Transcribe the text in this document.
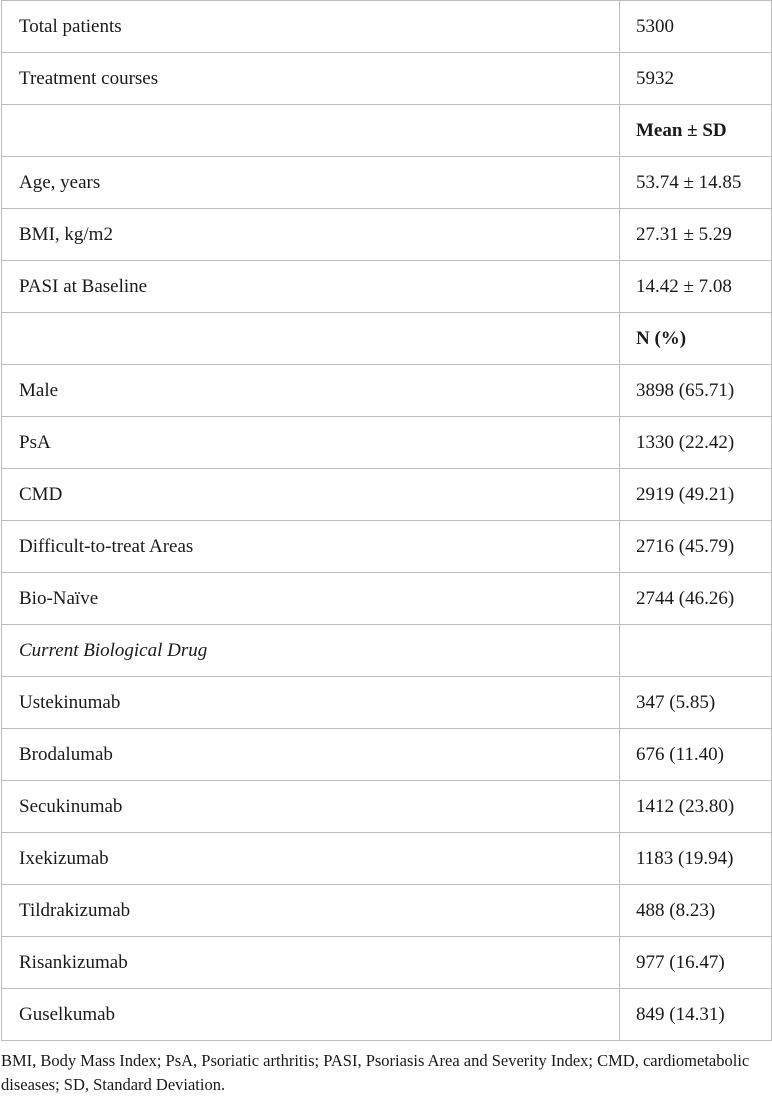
Total patients	5300
Treatment courses	5932
	Mean ± SD
Age, years	53.74 ± 14.85
BMI, kg/m2	27.31 ± 5.29
PASI at Baseline	14.42 ± 7.08
	N (%)
Male	3898 (65.71)
PsA	1330 (22.42)
CMD	2919 (49.21)
Difficult-to-treat Areas	2716 (45.79)
Bio-Naïve	2744 (46.26)
Current Biological Drug	
Ustekinumab	347 (5.85)
Brodalumab	676 (11.40)
Secukinumab	1412 (23.80)
Ixekizumab	1183 (19.94)
Tildrakizumab	488 (8.23)
Risankizumab	977 (16.47)
Guselkumab	849 (14.31)

BMI, Body Mass Index; PsA, Psoriatic arthritis; PASI, Psoriasis Area and Severity Index; CMD, cardiometabolic diseases; SD, Standard Deviation.
